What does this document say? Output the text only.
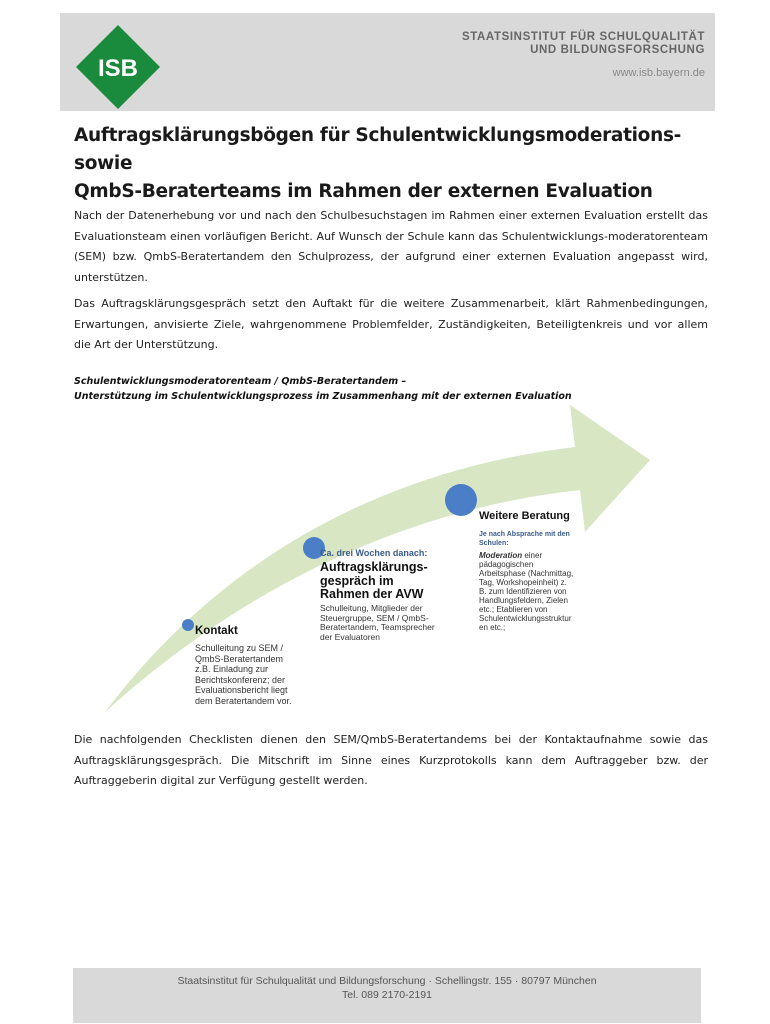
ISB
STAATSINSTITUT FÜR SCHULQUALITÄT
UND BILDUNGSFORSCHUNG
www.isb.bayern.de
Auftragsklärungsbögen für Schulentwicklungsmoderations- sowie
QmbS-Beraterteams im Rahmen der externen Evaluation
Nach der Datenerhebung vor und nach den Schulbesuchstagen im Rahmen einer externen Evaluation erstellt das Evaluationsteam einen vorläufigen Bericht. Auf Wunsch der Schule kann das Schulentwicklungs-moderatorenteam (SEM) bzw. QmbS-Beratertandem den Schulprozess, der aufgrund einer externen Evaluation angepasst wird, unterstützen.
Das Auftragsklärungsgespräch setzt den Auftakt für die weitere Zusammenarbeit, klärt Rahmenbedingungen, Erwartungen, anvisierte Ziele, wahrgenommene Problemfelder, Zuständigkeiten, Beteiligtenkreis und vor allem die Art der Unterstützung.
Schulentwicklungsmoderatorenteam / QmbS-Beratertandem –
Unterstützung im Schulentwicklungsprozess im Zusammenhang mit der externen Evaluation
Kontakt
Schulleitung zu SEM /
QmbS-Beratertandem
z.B. Einladung zur
Berichtskonferenz; der
Evaluationsbericht liegt
dem Beratertandem vor.
Ca. drei Wochen danach:
Auftragsklärungs-
gespräch im
Rahmen der AVW
Schulleitung, Mitglieder der
Steuergruppe, SEM / QmbS-
Beratertandem, Teamsprecher
der Evaluatoren
Weitere Beratung
Je nach Absprache mit den
Schulen:
Moderation einer
pädagogischen
Arbeitsphase (Nachmittag,
Tag, Workshopeinheit) z.
B. zum Identifizieren von
Handlungsfeldern, Zielen
etc.; Etablieren von
Schulentwicklungsstruktur
en etc.;
Die nachfolgenden Checklisten dienen den SEM/QmbS-Beratertandems bei der Kontaktaufnahme sowie das Auftragsklärungsgespräch. Die Mitschrift im Sinne eines Kurzprotokolls kann dem Auftraggeber bzw. der Auftraggeberin digital zur Verfügung gestellt werden.
Staatsinstitut für Schulqualität und Bildungsforschung · Schellingstr. 155 · 80797 München
Tel. 089 2170-2191
